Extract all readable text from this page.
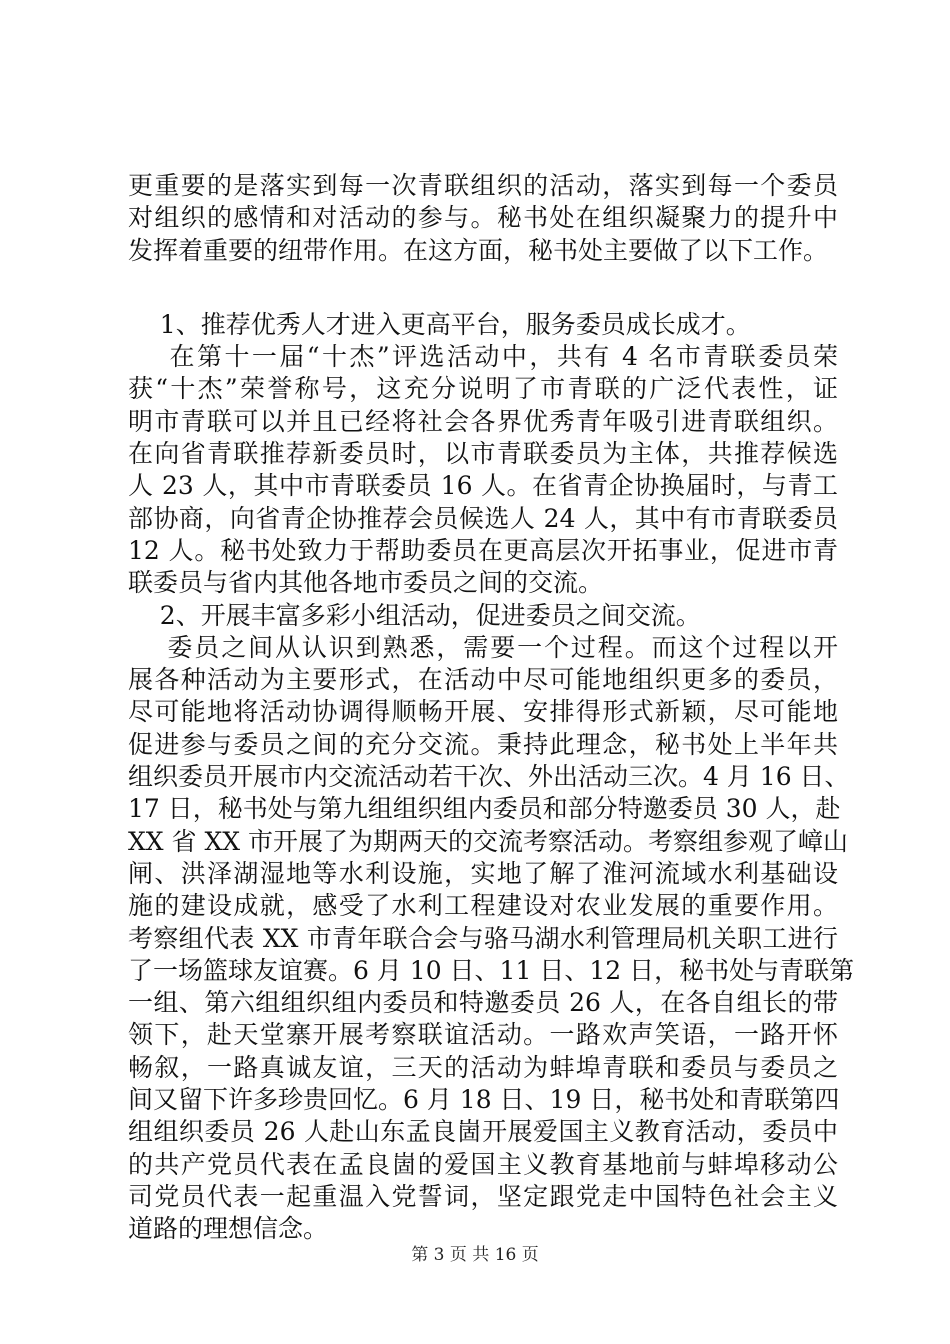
更重要的是落实到每一次青联组织的活动，落实到每一个委员
对组织的感情和对活动的参与。秘书处在组织凝聚力的提升中
发挥着重要的纽带作用。在这方面，秘书处主要做了以下工作。
1、推荐优秀人才进入更高平台，服务委员成长成才。
在第十一届“十杰”评选活动中，共有 4 名市青联委员荣
获“十杰”荣誉称号，这充分说明了市青联的广泛代表性，证
明市青联可以并且已经将社会各界优秀青年吸引进青联组织。
在向省青联推荐新委员时，以市青联委员为主体，共推荐候选
人 23 人，其中市青联委员 16 人。在省青企协换届时，与青工
部协商，向省青企协推荐会员候选人 24 人，其中有市青联委员
12 人。秘书处致力于帮助委员在更高层次开拓事业，促进市青
联委员与省内其他各地市委员之间的交流。
2、开展丰富多彩小组活动，促进委员之间交流。
委员之间从认识到熟悉，需要一个过程。而这个过程以开
展各种活动为主要形式，在活动中尽可能地组织更多的委员，
尽可能地将活动协调得顺畅开展、安排得形式新颖，尽可能地
促进参与委员之间的充分交流。秉持此理念，秘书处上半年共
组织委员开展市内交流活动若干次、外出活动三次。4 月 16 日、
17 日，秘书处与第九组组织组内委员和部分特邀委员 30 人，赴
XX 省 XX 市开展了为期两天的交流考察活动。考察组参观了嶂山
闸、洪泽湖湿地等水利设施，实地了解了淮河流域水利基础设
施的建设成就，感受了水利工程建设对农业发展的重要作用。
考察组代表 XX 市青年联合会与骆马湖水利管理局机关职工进行
了一场篮球友谊赛。6 月 10 日、11 日、12 日，秘书处与青联第
一组、第六组组织组内委员和特邀委员 26 人，在各自组长的带
领下，赴天堂寨开展考察联谊活动。一路欢声笑语，一路开怀
畅叙，一路真诚友谊，三天的活动为蚌埠青联和委员与委员之
间又留下许多珍贵回忆。6 月 18 日、19 日，秘书处和青联第四
组组织委员 26 人赴山东孟良崮开展爱国主义教育活动，委员中
的共产党员代表在孟良崮的爱国主义教育基地前与蚌埠移动公
司党员代表一起重温入党誓词，坚定跟党走中国特色社会主义
道路的理想信念。
第 3 页 共 16 页
